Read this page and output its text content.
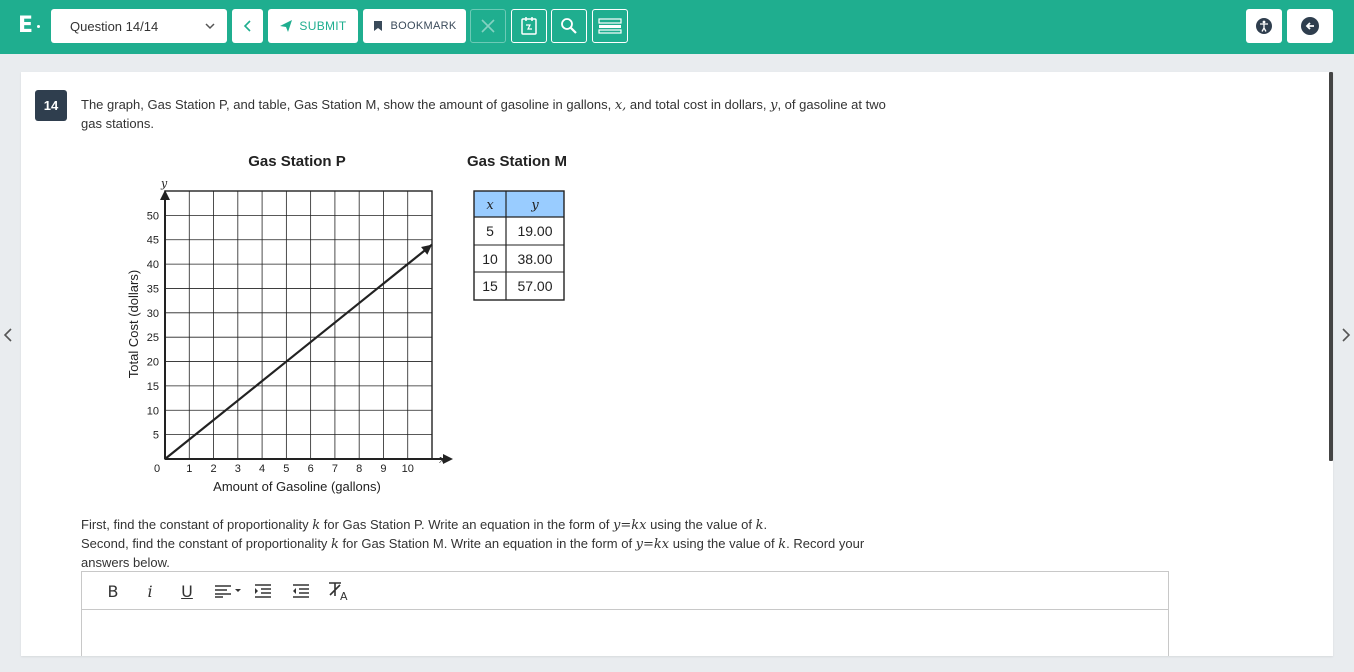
E	Question 14/14	SUBMIT	BOOKMARK
14	The graph, Gas Station P, and table, Gas Station M, show the amount of gasoline in gallons, x, and total cost in dollars, y, of gasoline at two gas stations.
Gas Station P	Gas Station M
0 1 2 3 4 5 6 7 8 9 10
5
10
15
20
25
30
35
40
45
50
x
y
Amount of Gasoline (gallons)
Total Cost (dollars)
x	y
5 19.00
10 38.00
15 57.00
First, find the constant of proportionality k for Gas Station P. Write an equation in the form of y=kx using the value of k.
Second, find the constant of proportionality k for Gas Station M. Write an equation in the form of y=kx using the value of k. Record your answers below.
B i U	A
